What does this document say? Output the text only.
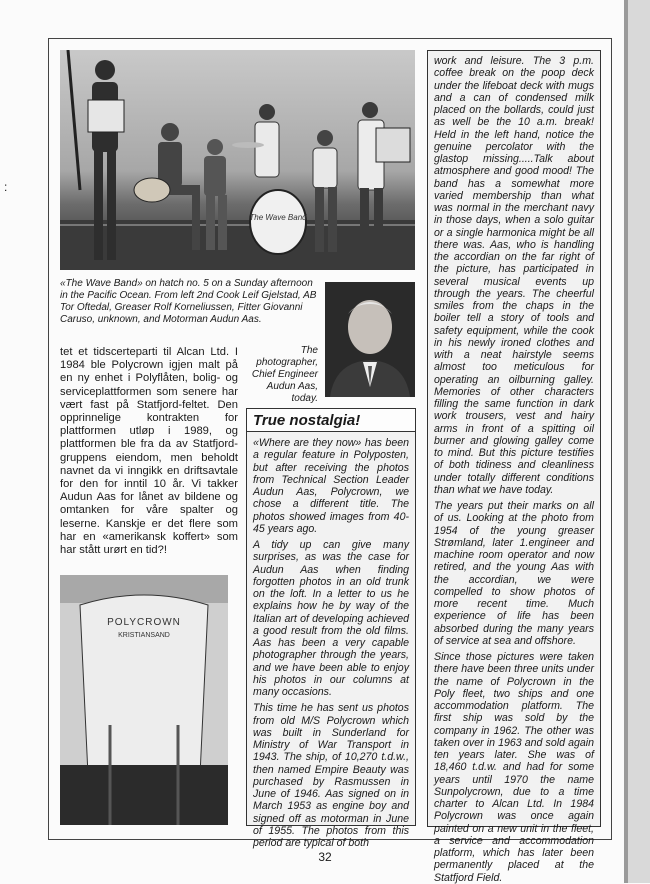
:
The Wave Band
«The Wave Band» on hatch no. 5 on a Sunday afternoon in the Pacific Ocean. From left 2nd Cook Leif Gjelstad, AB Tor Oftedal, Greaser Rolf Korneliussen, Fitter Giovanni Caruso, unknown, and Motorman Audun Aas.
The photographer, Chief Engineer Audun Aas, today.
tet et tidscerteparti til Alcan Ltd. I 1984 ble Polycrown igjen malt på en ny enhet i Polyflåten, bolig- og serviceplattformen som senere har vært fast på Statfjord-feltet. Den opprinnelige kontrakten for plattformen utløp i 1989, og plattformen ble fra da av Statfjord-gruppens eiendom, men beholdt navnet da vi inngikk en driftsavtale for den for inntil 10 år. Vi takker Audun Aas for lånet av bildene og omtanken for våre spalter og leserne. Kanskje er det flere som har en «amerikansk koffert» som har stått urørt en tid?!
POLYCROWN
KRISTIANSAND
True nostalgia!

«Where are they now» has been a regular feature in Polyposten, but after receiving the photos from Technical Section Leader Audun Aas, Polycrown, we chose a different title. The photos showed images from 40-45 years ago.

A tidy up can give many surprises, as was the case for Audun Aas when finding forgotten photos in an old trunk on the loft. In a letter to us he explains how he by way of the Italian art of developing achieved a good result from the old films. Aas has been a very capable photographer through the years, and we have been able to enjoy his photos in our columns at many occasions.

This time he has sent us photos from old M/S Polycrown which was built in Sunderland for Ministry of War Transport in 1943. The ship, of 10,270 t.d.w., then named Empire Beauty was purchased by Rasmussen in June of 1946. Aas signed on in March 1953 as engine boy and signed off as motorman in June of 1955. The photos from this period are typical of both

work and leisure. The 3 p.m. coffee break on the poop deck under the lifeboat deck with mugs and a can of condensed milk placed on the bollards, could just as well be the 10 a.m. break! Held in the left hand, notice the genuine percolator with the glastop missing.....Talk about atmosphere and good mood! The band has a somewhat more varied membership than what was normal in the merchant navy in those days, when a solo guitar or a single harmonica might be all there was. Aas, who is handling the accordian on the far right of the picture, has participated in several musical events up through the years. The cheerful smiles from the chaps in the boiler tell a story of tools and safety equipment, while the cook in his newly ironed clothes and with a neat hairstyle seems almost too meticulous for operating an oilburning galley. Memories of other characters filling the same function in dark work trousers, vest and hairy arms in front of a spitting oil burner and glowing galley come to mind. But this picture testifies of both tidiness and cleanliness under totally different conditions than what we have today.

The years put their marks on all of us. Looking at the photo from 1954 of the young greaser Strømland, later 1.engineer and machine room operator and now retired, and the young Aas with the accordian, we were compelled to show photos of more recent time. Much experience of life has been absorbed during the many years of service at sea and offshore.

Since those pictures were taken there have been three units under the name of Polycrown in the Poly fleet, two ships and one accommodation platform. The first ship was sold by the company in 1962. The other was taken over in 1963 and sold again ten years later. She was of 18,460 t.d.w. and had for some years until 1970 the name Sunpolycrown, due to a time charter to Alcan Ltd. In 1984 Polycrown was once again painted on a new unit in the fleet, a service and accommodation platform, which has later been permanently placed at the Statfjord Field.

32
